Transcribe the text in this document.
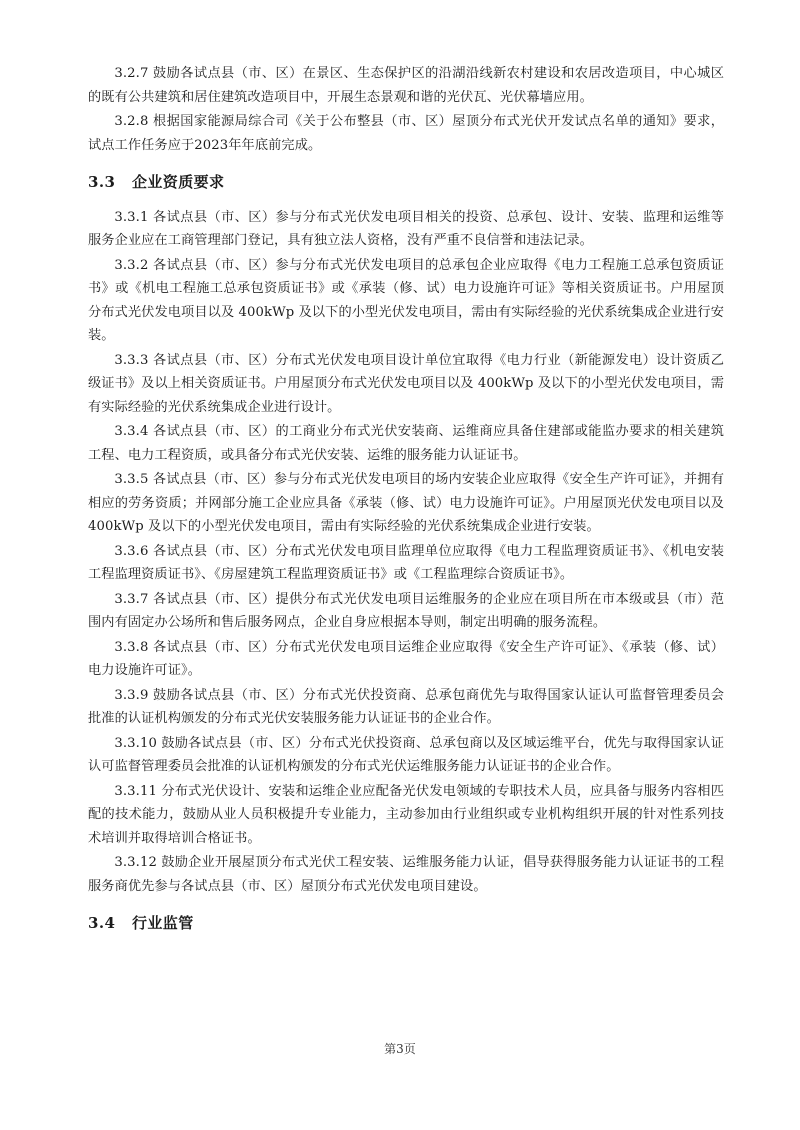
3.2.7 鼓励各试点县（市、区）在景区、生态保护区的沿湖沿线新农村建设和农居改造项目，中心城区的既有公共建筑和居住建筑改造项目中，开展生态景观和谐的光伏瓦、光伏幕墙应用。

3.2.8 根据国家能源局综合司《关于公布整县（市、区）屋顶分布式光伏开发试点名单的通知》要求，试点工作任务应于2023年年底前完成。

3.3 企业资质要求

3.3.1 各试点县（市、区）参与分布式光伏发电项目相关的投资、总承包、设计、安装、监理和运维等服务企业应在工商管理部门登记，具有独立法人资格，没有严重不良信誉和违法记录。

3.3.2 各试点县（市、区）参与分布式光伏发电项目的总承包企业应取得《电力工程施工总承包资质证书》或《机电工程施工总承包资质证书》或《承装（修、试）电力设施许可证》等相关资质证书。户用屋顶分布式光伏发电项目以及 400kWp 及以下的小型光伏发电项目，需由有实际经验的光伏系统集成企业进行安装。

3.3.3 各试点县（市、区）分布式光伏发电项目设计单位宜取得《电力行业（新能源发电）设计资质乙级证书》及以上相关资质证书。户用屋顶分布式光伏发电项目以及 400kWp 及以下的小型光伏发电项目，需有实际经验的光伏系统集成企业进行设计。

3.3.4 各试点县（市、区）的工商业分布式光伏安装商、运维商应具备住建部或能监办要求的相关建筑工程、电力工程资质，或具备分布式光伏安装、运维的服务能力认证证书。

3.3.5 各试点县（市、区）参与分布式光伏发电项目的场内安装企业应取得《安全生产许可证》，并拥有相应的劳务资质；并网部分施工企业应具备《承装（修、试）电力设施许可证》。户用屋顶光伏发电项目以及 400kWp 及以下的小型光伏发电项目，需由有实际经验的光伏系统集成企业进行安装。

3.3.6 各试点县（市、区）分布式光伏发电项目监理单位应取得《电力工程监理资质证书》、《机电安装工程监理资质证书》、《房屋建筑工程监理资质证书》或《工程监理综合资质证书》。

3.3.7 各试点县（市、区）提供分布式光伏发电项目运维服务的企业应在项目所在市本级或县（市）范围内有固定办公场所和售后服务网点，企业自身应根据本导则，制定出明确的服务流程。

3.3.8 各试点县（市、区）分布式光伏发电项目运维企业应取得《安全生产许可证》、《承装（修、试）电力设施许可证》。

3.3.9 鼓励各试点县（市、区）分布式光伏投资商、总承包商优先与取得国家认证认可监督管理委员会批准的认证机构颁发的分布式光伏安装服务能力认证证书的企业合作。

3.3.10 鼓励各试点县（市、区）分布式光伏投资商、总承包商以及区域运维平台，优先与取得国家认证认可监督管理委员会批准的认证机构颁发的分布式光伏运维服务能力认证证书的企业合作。

3.3.11 分布式光伏设计、安装和运维企业应配备光伏发电领域的专职技术人员，应具备与服务内容相匹配的技术能力，鼓励从业人员积极提升专业能力，主动参加由行业组织或专业机构组织开展的针对性系列技术培训并取得培训合格证书。

3.3.12 鼓励企业开展屋顶分布式光伏工程安装、运维服务能力认证，倡导获得服务能力认证证书的工程服务商优先参与各试点县（市、区）屋顶分布式光伏发电项目建设。

3.4 行业监管
第3页
